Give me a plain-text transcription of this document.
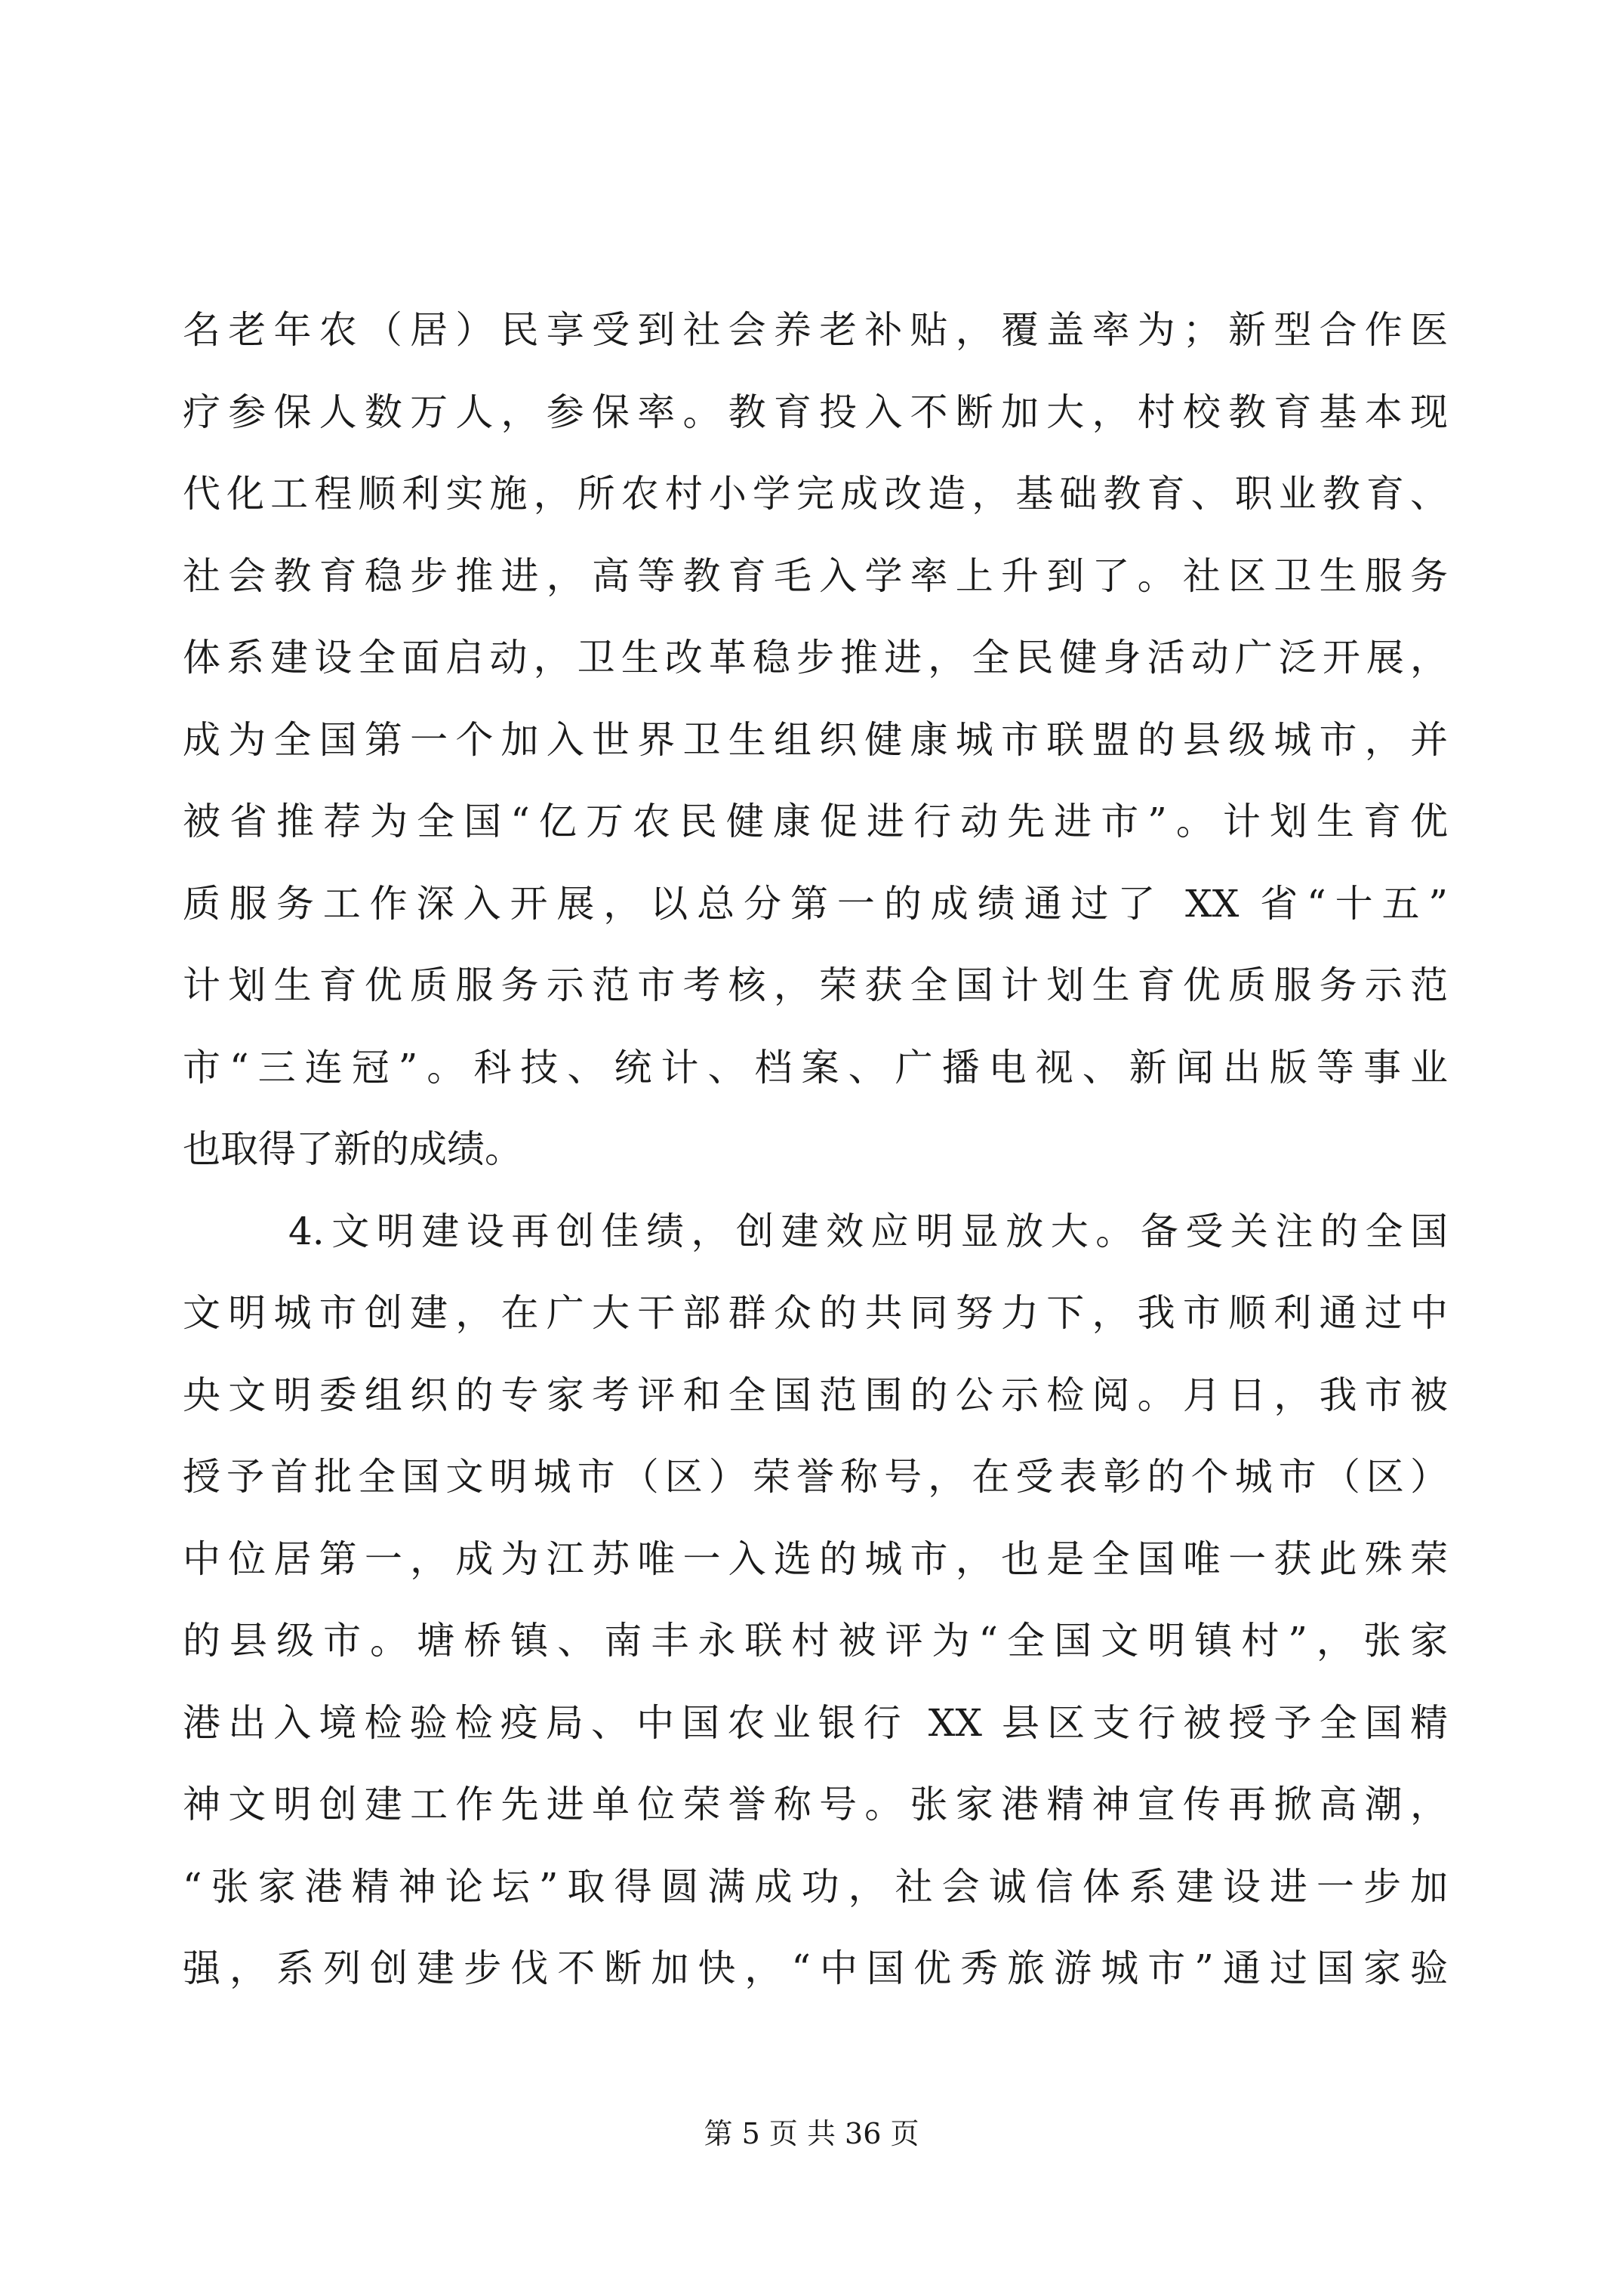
名老年农（居）民享受到社会养老补贴，覆盖率为；新型合作医
疗参保人数万人，参保率。教育投入不断加大，村校教育基本现
代化工程顺利实施，所农村小学完成改造，基础教育、职业教育、
社会教育稳步推进，高等教育毛入学率上升到了。社区卫生服务
体系建设全面启动，卫生改革稳步推进，全民健身活动广泛开展，
成为全国第一个加入世界卫生组织健康城市联盟的县级城市，并
被省推荐为全国“亿万农民健康促进行动先进市”。计划生育优
质服务工作深入开展，以总分第一的成绩通过了 XX 省“十五”
计划生育优质服务示范市考核，荣获全国计划生育优质服务示范
市“三连冠”。科技、统计、档案、广播电视、新闻出版等事业
也取得了新的成绩。
4.文明建设再创佳绩，创建效应明显放大。备受关注的全国
文明城市创建，在广大干部群众的共同努力下，我市顺利通过中
央文明委组织的专家考评和全国范围的公示检阅。月日，我市被
授予首批全国文明城市（区）荣誉称号，在受表彰的个城市（区）
中位居第一，成为江苏唯一入选的城市，也是全国唯一获此殊荣
的县级市。塘桥镇、南丰永联村被评为“全国文明镇村”，张家
港出入境检验检疫局、中国农业银行 XX 县区支行被授予全国精
神文明创建工作先进单位荣誉称号。张家港精神宣传再掀高潮，
“张家港精神论坛”取得圆满成功，社会诚信体系建设进一步加
强，系列创建步伐不断加快，“中国优秀旅游城市”通过国家验
第 5 页 共 36 页
